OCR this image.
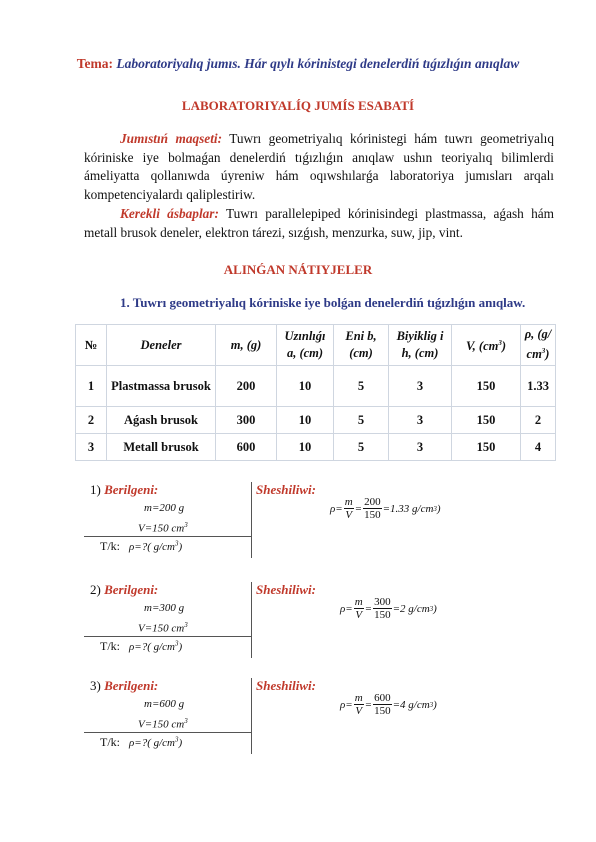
Tema: Laboratoriyalıq jumıs. Hár qıylı kórinistegi denelerdiń tıǵızlıǵın anıqlaw
LABORATORIYALÍQ JUMÍS ESABATÍ
Jumıstıń maqseti: Tuwrı geometriyalıq kórinistegi hám tuwrı geometriyalıq kóriniske iye bolmaǵan denelerdiń tıǵızlıǵın anıqlaw ushın teoriyalıq bilimlerdi ámeliyatta qollanıwda úyreniw hám oqıwshılarǵa laboratoriya jumısları arqalı kompetenciyalardı qaliplestiriw.
Kerekli ásbaplar: Tuwrı parallelepiped kórinisindegi plastmassa, aǵash hám metall brusok deneler, elektron tárezi, sızǵısh, menzurka, suw, jip, vint.
ALINǴAN NÁTIYJELER
1. Tuwrı geometriyalıq kóriniske iye bolǵan denelerdiń tıǵızlıǵın anıqlaw.
№	Deneler	m, (g)	Uzınlıǵı a, (cm)	Eni b, (cm)	Biyiklig i h, (cm)	V, $(cm^3)$	ρ, (g/ $cm^3$)
1	Plastmassa brusok	200	10	5	3	150	1.33
2	Aǵash brusok	300	10	5	3	150	2
3	Metall brusok	600	10	5	3	150	4
1) Berilgeni:
m=200 g
V=150 $cm^3$
T/k: ρ=?( $g/cm^3$)
Sheshiliwi:
$\rho= \frac{m}{V} = \frac{200}{150} =1.33$ g/cm 3 )
2) Berilgeni:
m=300 g
V=150 $cm^3$
T/k: ρ=?( $g/cm^3$)
Sheshiliwi:
$\rho= \frac{m}{V} = \frac{300}{150} =2$ g/cm 3 )
3) Berilgeni:
m=600 g
V=150 $cm^3$
T/k: ρ=?( $g/cm^3$)
Sheshiliwi:
$\rho= \frac{m}{V} = \frac{600}{150} =4$ g/cm 3 )
